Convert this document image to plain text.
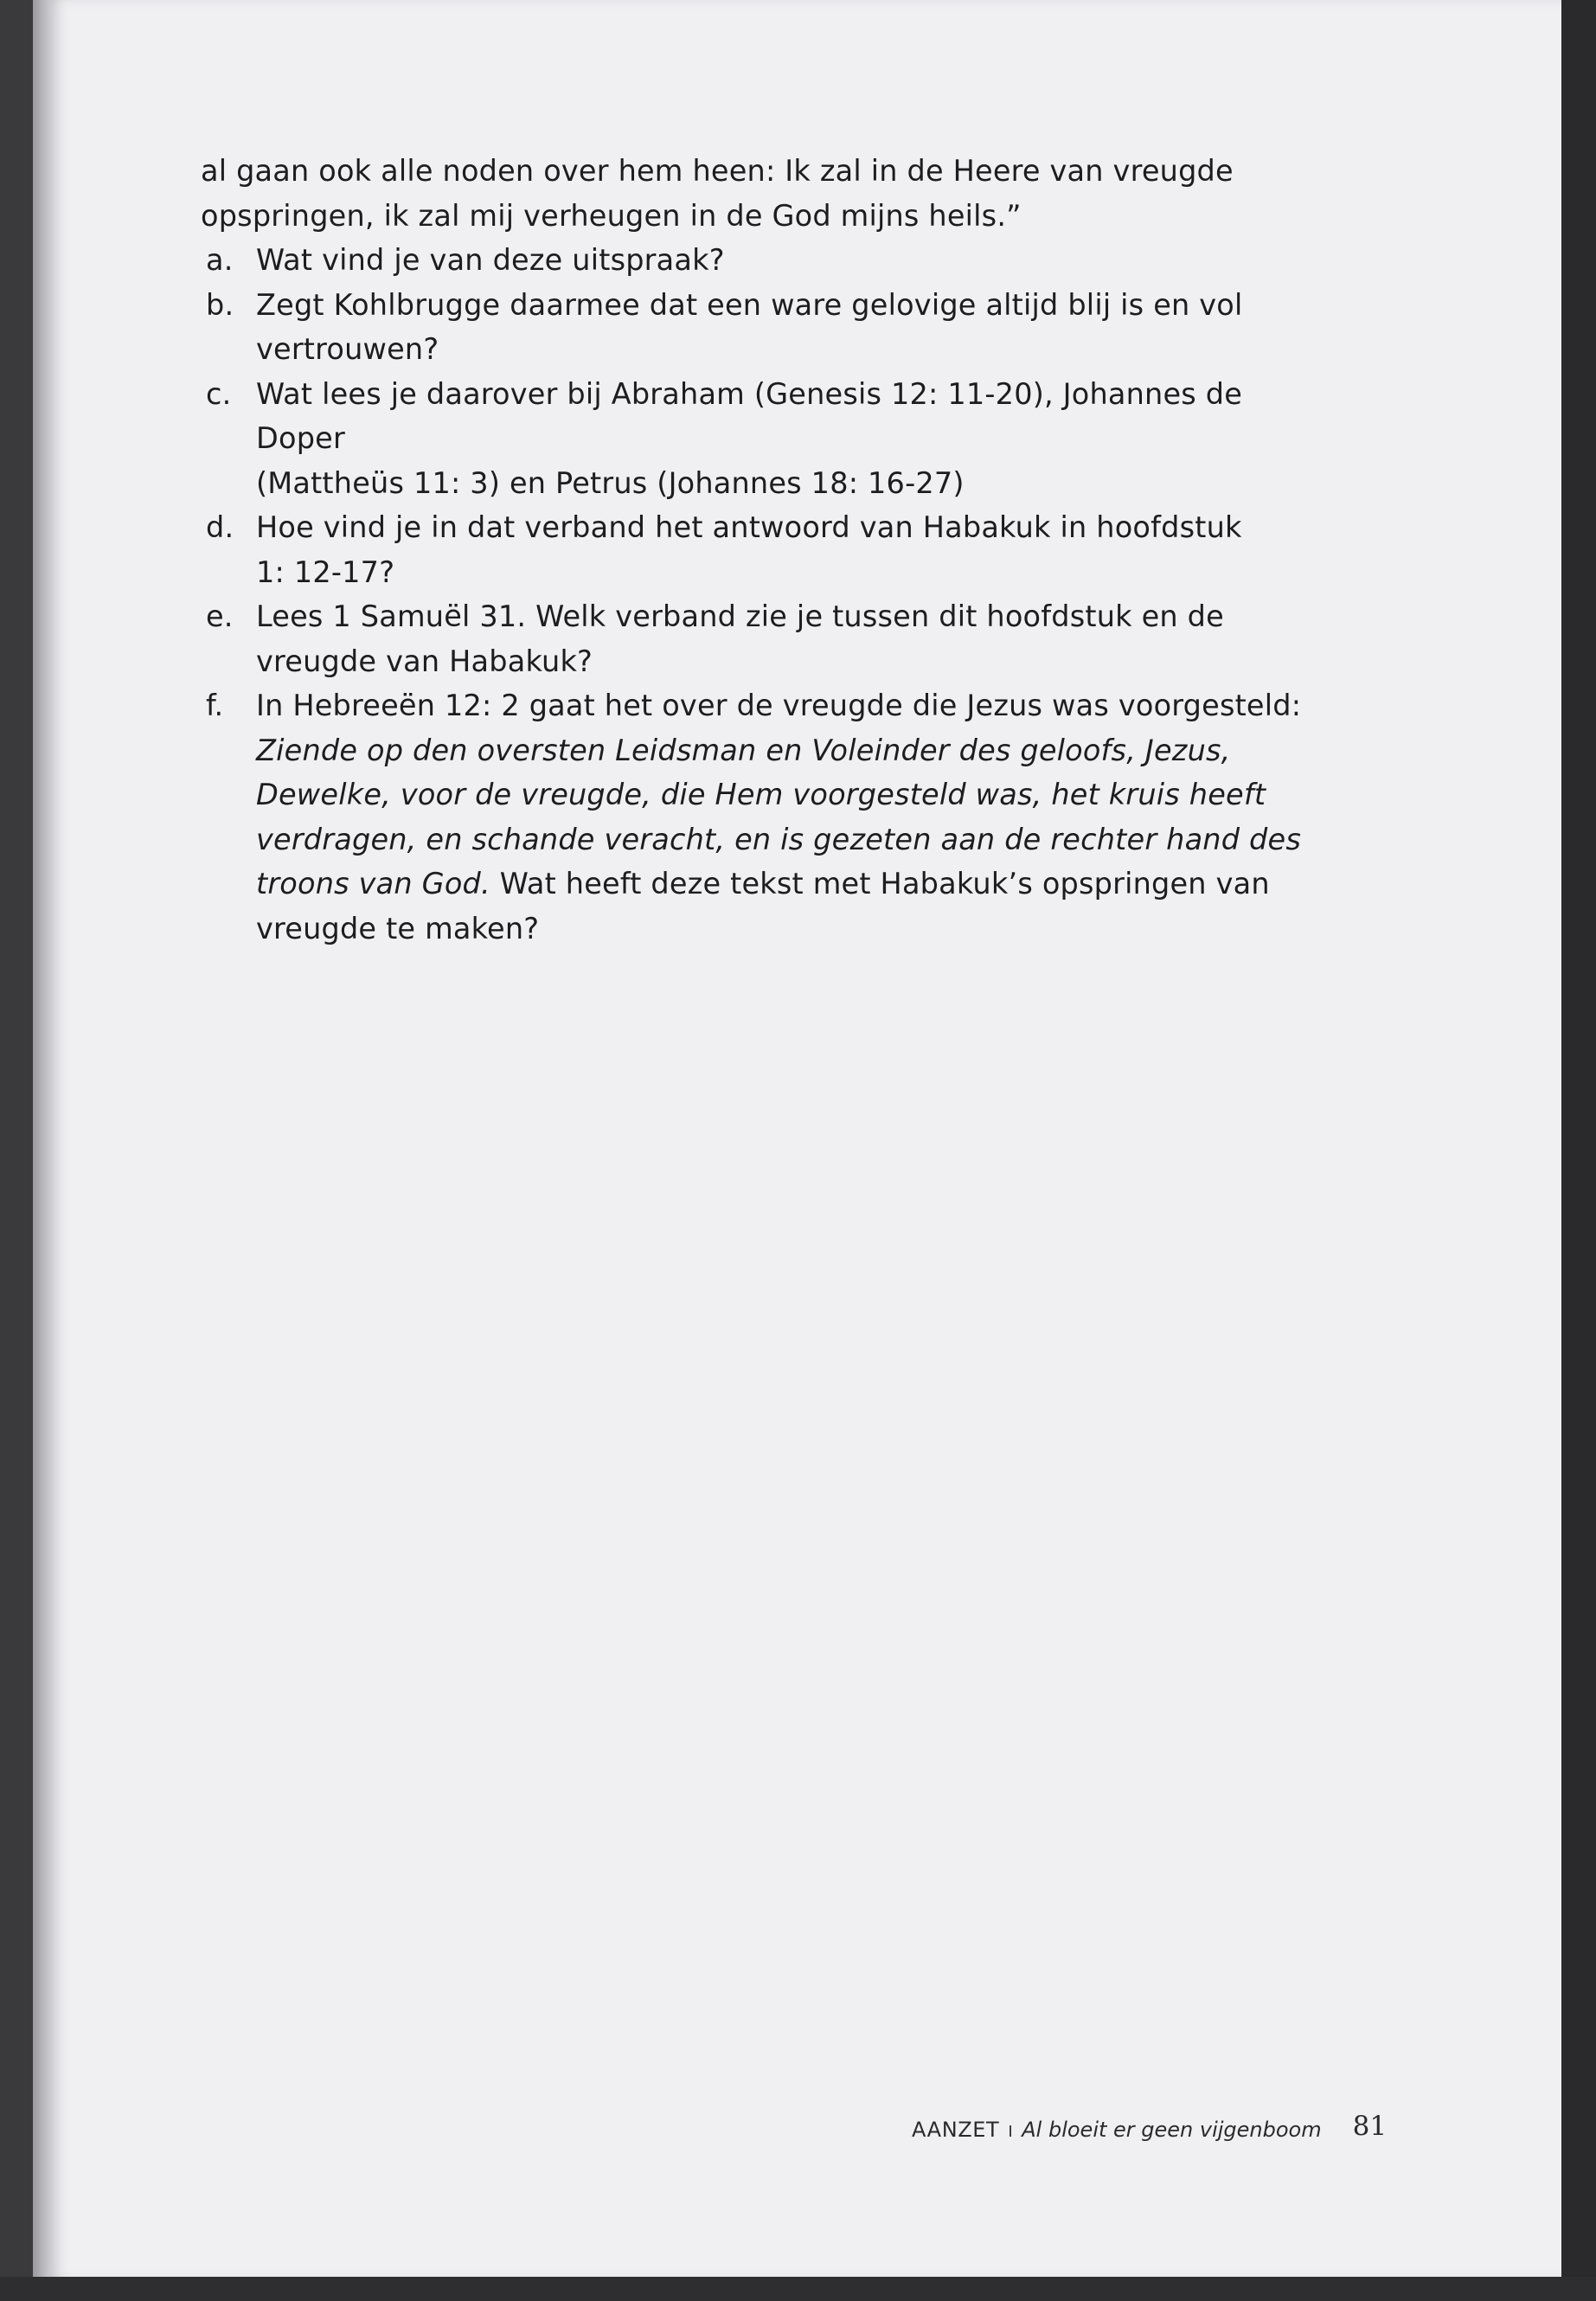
al gaan ook alle noden over hem heen: Ik zal in de Heere van vreugde

opspringen, ik zal mij verheugen in de God mijns heils.”

a. Wat vind je van deze uitspraak?

b. Zegt Kohlbrugge daarmee dat een ware gelovige altijd blij is en vol

vertrouwen?

c. Wat lees je daarover bij Abraham (Genesis 12: 11-20), Johannes de Doper

(Mattheüs 11: 3) en Petrus (Johannes 18: 16-27)

d. Hoe vind je in dat verband het antwoord van Habakuk in hoofdstuk

1: 12-17?

e. Lees 1 Samuël 31. Welk verband zie je tussen dit hoofdstuk en de

vreugde van Habakuk?

f. In Hebreeën 12: 2 gaat het over de vreugde die Jezus was voorgesteld:

Ziende op den oversten Leidsman en Voleinder des geloofs, Jezus,

Dewelke, voor de vreugde, die Hem voorgesteld was, het kruis heeft

verdragen, en schande veracht, en is gezeten aan de rechter hand des

troons van God. Wat heeft deze tekst met Habakuk’s opspringen van

vreugde te maken?

AANZET I Al bloeit er geen vijgenboom 81
